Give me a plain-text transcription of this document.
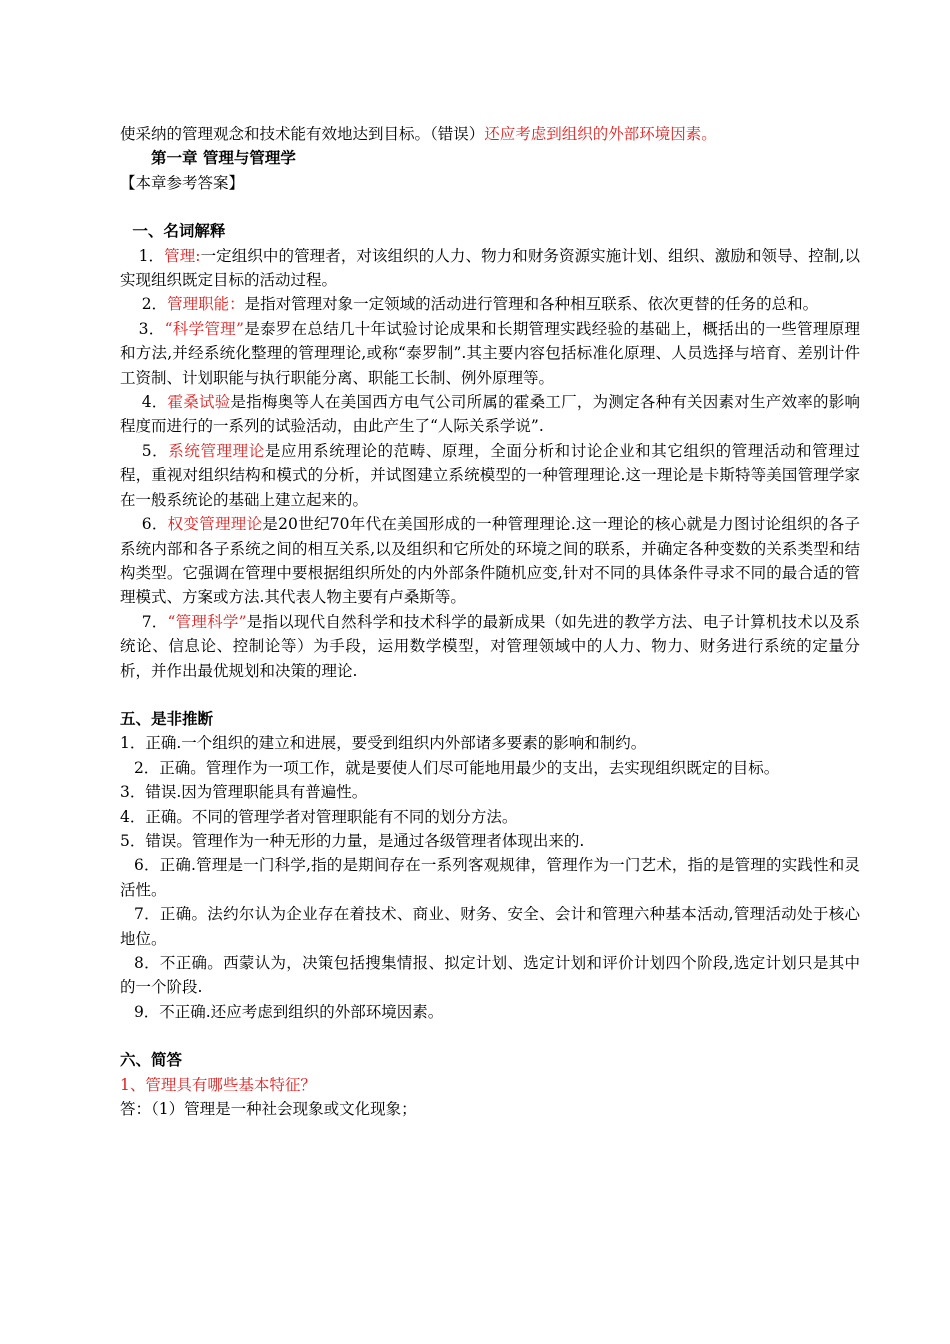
使采纳的管理观念和技术能有效地达到目标。（错误）还应考虑到组织的外部环境因素。

第一章 管理与管理学

【本章参考答案】

一、名词解释

1．管理:一定组织中的管理者，对该组织的人力、物力和财务资源实施计划、组织、激励和领导、控制,以实现组织既定目标的活动过程。

2．管理职能：是指对管理对象一定领域的活动进行管理和各种相互联系、依次更替的任务的总和。

3．“科学管理”是泰罗在总结几十年试验讨论成果和长期管理实践经验的基础上，概括出的一些管理原理和方法,并经系统化整理的管理理论,或称“泰罗制”.其主要内容包括标准化原理、人员选择与培育、差别计件工资制、计划职能与执行职能分离、职能工长制、例外原理等。

4．霍桑试验是指梅奥等人在美国西方电气公司所属的霍桑工厂，为测定各种有关因素对生产效率的影响程度而进行的一系列的试验活动，由此产生了“人际关系学说”.

5．系统管理理论是应用系统理论的范畴、原理，全面分析和讨论企业和其它组织的管理活动和管理过程，重视对组织结构和模式的分析，并试图建立系统模型的一种管理理论.这一理论是卡斯特等美国管理学家在一般系统论的基础上建立起来的。

6．权变管理理论是20世纪70年代在美国形成的一种管理理论.这一理论的核心就是力图讨论组织的各子系统内部和各子系统之间的相互关系,以及组织和它所处的环境之间的联系，并确定各种变数的关系类型和结构类型。它强调在管理中要根据组织所处的内外部条件随机应变,针对不同的具体条件寻求不同的最合适的管理模式、方案或方法.其代表人物主要有卢桑斯等。

7．“管理科学”是指以现代自然科学和技术科学的最新成果（如先进的教学方法、电子计算机技术以及系统论、信息论、控制论等）为手段，运用数学模型，对管理领域中的人力、物力、财务进行系统的定量分析，并作出最优规划和决策的理论.

五、是非推断

1．正确.一个组织的建立和进展，要受到组织内外部诸多要素的影响和制约。

2．正确。管理作为一项工作，就是要使人们尽可能地用最少的支出，去实现组织既定的目标。

3．错误.因为管理职能具有普遍性。

4．正确。不同的管理学者对管理职能有不同的划分方法。

5．错误。管理作为一种无形的力量，是通过各级管理者体现出来的.

6．正确.管理是一门科学,指的是期间存在一系列客观规律，管理作为一门艺术，指的是管理的实践性和灵活性。

7．正确。法约尔认为企业存在着技术、商业、财务、安全、会计和管理六种基本活动,管理活动处于核心地位。

8．不正确。西蒙认为，决策包括搜集情报、拟定计划、选定计划和评价计划四个阶段,选定计划只是其中的一个阶段.

9．不正确.还应考虑到组织的外部环境因素。

六、简答

1、管理具有哪些基本特征？

答：（1）管理是一种社会现象或文化现象；
